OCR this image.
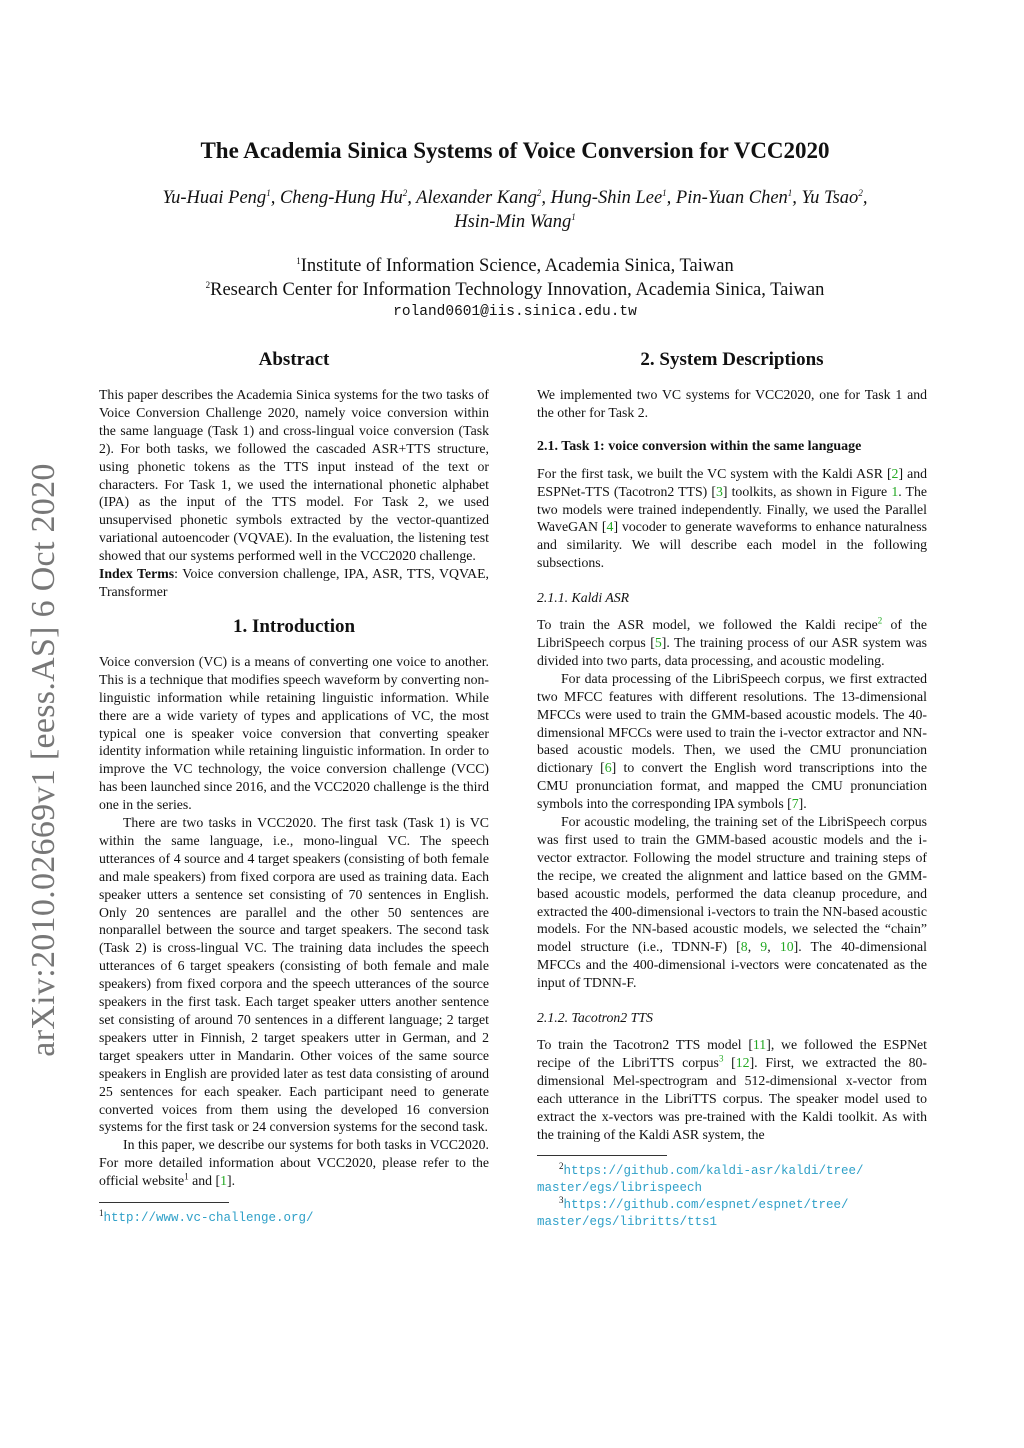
arXiv:2010.02669v1 [eess.AS] 6 Oct 2020
The Academia Sinica Systems of Voice Conversion for VCC2020
Yu-Huai Peng$^1$, Cheng-Hung Hu$^2$, Alexander Kang$^2$, Hung-Shin Lee$^1$, Pin-Yuan Chen$^1$, Yu Tsao$^2$,
Hsin-Min Wang$^1$
$^1$Institute of Information Science, Academia Sinica, Taiwan
$^2$Research Center for Information Technology Innovation, Academia Sinica, Taiwan
roland0601@iis.sinica.edu.tw
Abstract

This paper describes the Academia Sinica systems for the two tasks of Voice Conversion Challenge 2020, namely voice conversion within the same language (Task 1) and cross-lingual voice conversion (Task 2). For both tasks, we followed the cascaded ASR+TTS structure, using phonetic tokens as the TTS input instead of the text or characters. For Task 1, we used the international phonetic alphabet (IPA) as the input of the TTS model. For Task 2, we used unsupervised phonetic symbols extracted by the vector-quantized variational autoencoder (VQVAE). In the evaluation, the listening test showed that our systems performed well in the VCC2020 challenge.

Index Terms: Voice conversion challenge, IPA, ASR, TTS, VQVAE, Transformer

1. Introduction

Voice conversion (VC) is a means of converting one voice to another. This is a technique that modifies speech waveform by converting non-linguistic information while retaining linguistic information. While there are a wide variety of types and applications of VC, the most typical one is speaker voice conversion that converting speaker identity information while retaining linguistic information. In order to improve the VC technology, the voice conversion challenge (VCC) has been launched since 2016, and the VCC2020 challenge is the third one in the series.

There are two tasks in VCC2020. The first task (Task 1) is VC within the same language, i.e., mono-lingual VC. The speech utterances of 4 source and 4 target speakers (consisting of both female and male speakers) from fixed corpora are used as training data. Each speaker utters a sentence set consisting of 70 sentences in English. Only 20 sentences are parallel and the other 50 sentences are nonparallel between the source and target speakers. The second task (Task 2) is cross-lingual VC. The training data includes the speech utterances of 6 target speakers (consisting of both female and male speakers) from fixed corpora and the speech utterances of the source speakers in the first task. Each target speaker utters another sentence set consisting of around 70 sentences in a different language; 2 target speakers utter in Finnish, 2 target speakers utter in German, and 2 target speakers utter in Mandarin. Other voices of the same source speakers in English are provided later as test data consisting of around 25 sentences for each speaker. Each participant need to generate converted voices from them using the developed 16 conversion systems for the first task or 24 conversion systems for the second task.

In this paper, we describe our systems for both tasks in VCC2020. For more detailed information about VCC2020, please refer to the official website$^1$ and [1].

$^1$http://www.vc-challenge.org/
2. System Descriptions

We implemented two VC systems for VCC2020, one for Task 1 and the other for Task 2.

2.1. Task 1: voice conversion within the same language

For the first task, we built the VC system with the Kaldi ASR [2] and ESPNet-TTS (Tacotron2 TTS) [3] toolkits, as shown in Figure 1. The two models were trained independently. Finally, we used the Parallel WaveGAN [4] vocoder to generate waveforms to enhance naturalness and similarity. We will describe each model in the following subsections.

2.1.1. Kaldi ASR

To train the ASR model, we followed the Kaldi recipe$^2$ of the LibriSpeech corpus [5]. The training process of our ASR system was divided into two parts, data processing, and acoustic modeling.

For data processing of the LibriSpeech corpus, we first extracted two MFCC features with different resolutions. The 13-dimensional MFCCs were used to train the GMM-based acoustic models. The 40-dimensional MFCCs were used to train the i-vector extractor and NN-based acoustic models. Then, we used the CMU pronunciation dictionary [6] to convert the English word transcriptions into the CMU pronunciation format, and mapped the CMU pronunciation symbols into the corresponding IPA symbols [7].

For acoustic modeling, the training set of the LibriSpeech corpus was first used to train the GMM-based acoustic models and the i-vector extractor. Following the model structure and training steps of the recipe, we created the alignment and lattice based on the GMM-based acoustic models, performed the data cleanup procedure, and extracted the 400-dimensional i-vectors to train the NN-based acoustic models. For the NN-based acoustic models, we selected the “chain” model structure (i.e., TDNN-F) [8, 9, 10]. The 40-dimensional MFCCs and the 400-dimensional i-vectors were concatenated as the input of TDNN-F.

2.1.2. Tacotron2 TTS

To train the Tacotron2 TTS model [11], we followed the ESPNet recipe of the LibriTTS corpus$^3$ [12]. First, we extracted the 80-dimensional Mel-spectrogram and 512-dimensional x-vector from each utterance in the LibriTTS corpus. The speaker model used to extract the x-vectors was pre-trained with the Kaldi toolkit. As with the training of the Kaldi ASR system, the

$^2$https://github.com/kaldi-asr/kaldi/tree/
master/egs/librispeech
$^3$https://github.com/espnet/espnet/tree/
master/egs/libritts/tts1
